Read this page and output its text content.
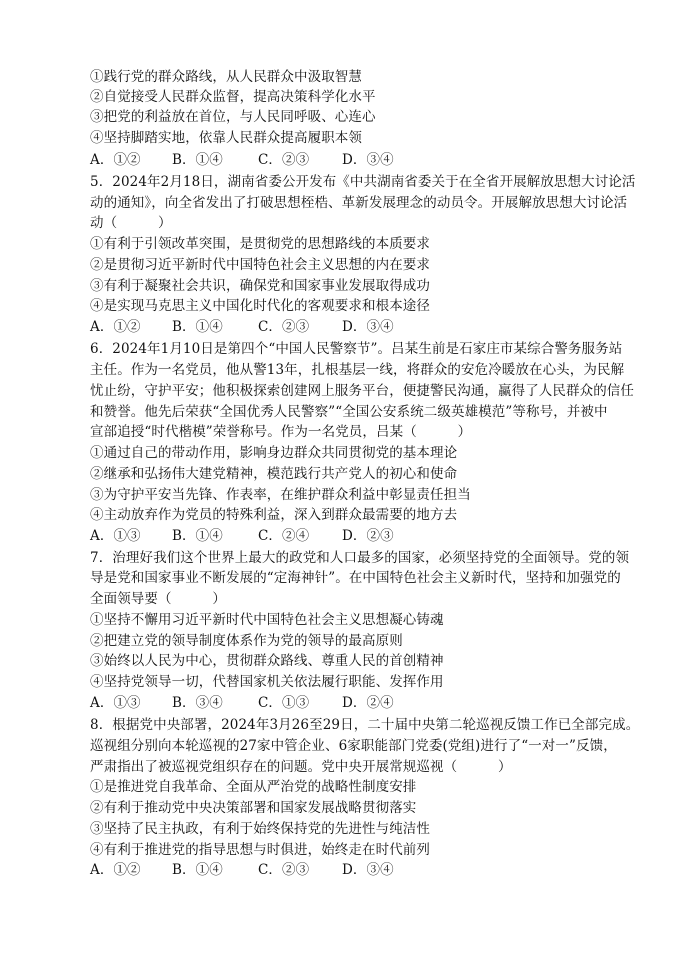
①践行党的群众路线，从人民群众中汲取智慧
②自觉接受人民群众监督，提高决策科学化水平
③把党的利益放在首位，与人民同呼吸、心连心
④坚持脚踏实地，依靠人民群众提高履职本领
A．①② B．①④	C．②③ D．③④
5．2024年2月18日，湖南省委公开发布《中共湖南省委关于在全省开展解放思想大讨论活
动的通知》，向全省发出了打破思想桎梏、革新发展理念的动员令。开展解放思想大讨论活
动（　　　）
①有利于引领改革突围，是贯彻党的思想路线的本质要求
②是贯彻习近平新时代中国特色社会主义思想的内在要求
③有利于凝聚社会共识，确保党和国家事业发展取得成功
④是实现马克思主义中国化时代化的客观要求和根本途径
A．①② B．①④	C．②③ D．③④
6．2024年1月10日是第四个“中国人民警察节”。吕某生前是石家庄市某综合警务服务站
主任。作为一名党员，他从警13年，扎根基层一线，将群众的安危冷暖放在心头，为民解
忧止纷，守护平安；他积极探索创建网上服务平台，便捷警民沟通，赢得了人民群众的信任
和赞誉。他先后荣获“全国优秀人民警察”“全国公安系统二级英雄模范”等称号，并被中
宣部追授“时代楷模”荣誉称号。作为一名党员，吕某（　　　）
①通过自己的带动作用，影响身边群众共同贯彻党的基本理论
②继承和弘扬伟大建党精神，模范践行共产党人的初心和使命
③为守护平安当先锋、作表率，在维护群众利益中彰显责任担当
④主动放弃作为党员的特殊利益，深入到群众最需要的地方去
A．①③ B．①④	C．②④ D．②③
7．治理好我们这个世界上最大的政党和人口最多的国家，必须坚持党的全面领导。党的领
导是党和国家事业不断发展的“定海神针”。在中国特色社会主义新时代，坚持和加强党的
全面领导要（　　　）
①坚持不懈用习近平新时代中国特色社会主义思想凝心铸魂
②把建立党的领导制度体系作为党的领导的最高原则
③始终以人民为中心，贯彻群众路线、尊重人民的首创精神
④坚持党领导一切，代替国家机关依法履行职能、发挥作用
A．①③ B．③④	C．①③ D．②④
8．根据党中央部署，2024年3月26至29日，二十届中央第二轮巡视反馈工作已全部完成。
巡视组分别向本轮巡视的27家中管企业、6家职能部门党委(党组)进行了“一对一”反馈，
严肃指出了被巡视党组织存在的问题。党中央开展常规巡视（　　　）
①是推进党自我革命、全面从严治党的战略性制度安排
②有利于推动党中央决策部署和国家发展战略贯彻落实
③坚持了民主执政，有利于始终保持党的先进性与纯洁性
④有利于推进党的指导思想与时俱进，始终走在时代前列
A．①② B．①④	C．②③ D．③④
